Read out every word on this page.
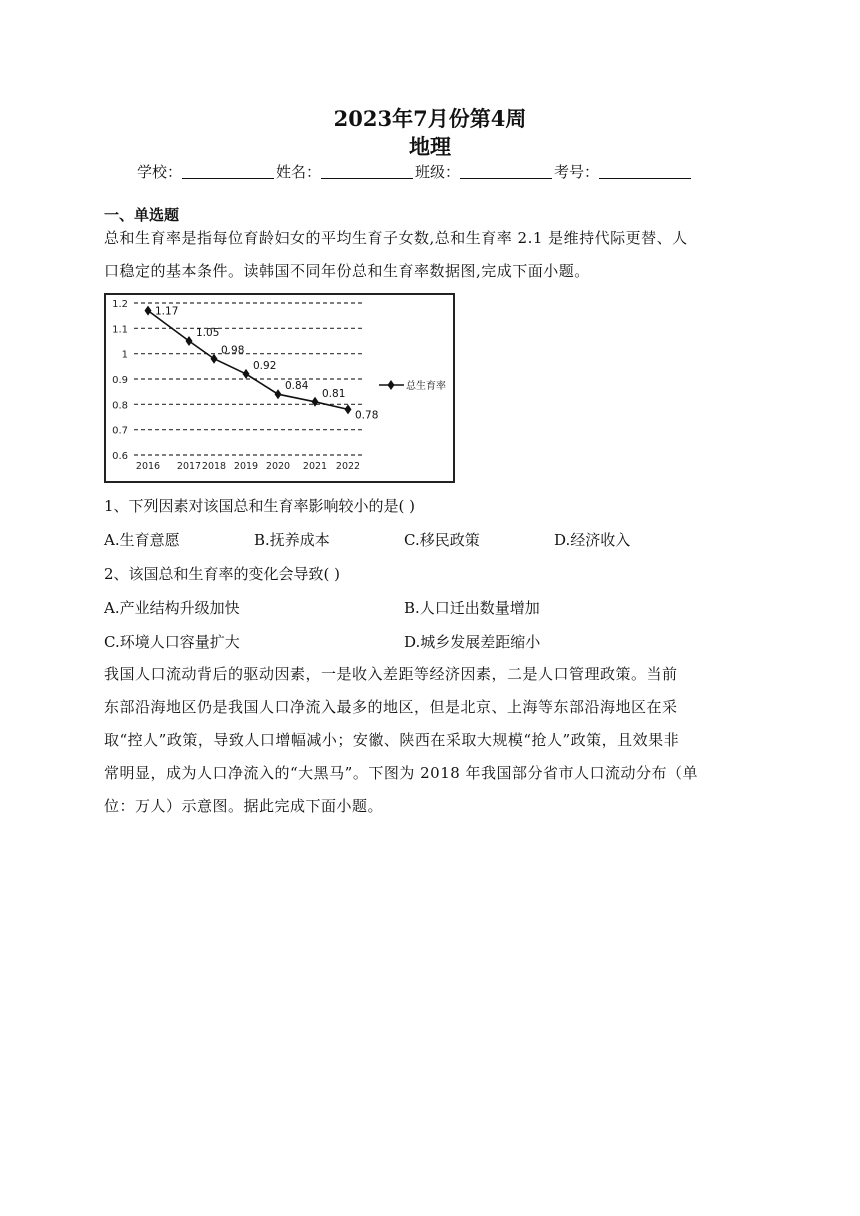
2023年7月份第4周
地理
学校：	姓名：	班级：	考号：
一、单选题
总和生育率是指每位育龄妇女的平均生育子女数,总和生育率 2.1 是维持代际更替、人
口稳定的基本条件。读韩国不同年份总和生育率数据图,完成下面小题。
0.6
0.7
0.8
0.9
1
1.1
1.2
2016 2017 2018 2019 2020 2021 2022
1.17
1.05
0.98
0.92
0.84
0.81
0.78
总生育率
1、下列因素对该国总和生育率影响较小的是( )
A.生育意愿	B.抚养成本	C.移民政策	D.经济收入
2、该国总和生育率的变化会导致( )
A.产业结构升级加快	B.人口迁出数量增加
C.环境人口容量扩大	D.城乡发展差距缩小
我国人口流动背后的驱动因素，一是收入差距等经济因素，二是人口管理政策。当前
东部沿海地区仍是我国人口净流入最多的地区，但是北京、上海等东部沿海地区在采
取“控人”政策，导致人口增幅减小；安徽、陕西在采取大规模“抢人”政策，且效果非
常明显，成为人口净流入的“大黑马”。下图为 2018 年我国部分省市人口流动分布（单
位：万人）示意图。据此完成下面小题。
